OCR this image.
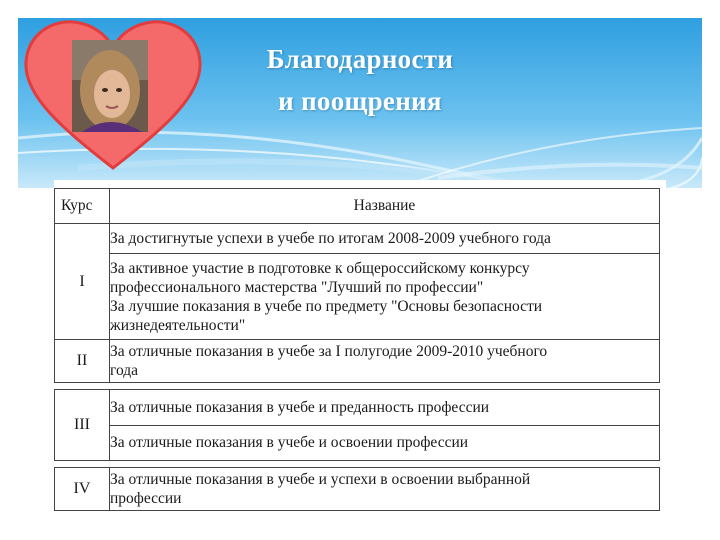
Благодарности
и поощрения
Курс	Название
I	За достигнутые успехи в учебе по итогам 2008-2009 учебного года

	За активное участие в подготовке к общероссийскому конкурсу
профессионального мастерства "Лучший по профессии"
За лучшие показания в учебе по предмету "Основы безопасности
жизнедеятельности"

II	За отличные показания в учебе за I полугодие 2009-2010 учебного
года

III	За отличные показания в учебе и преданность профессии

	За отличные показания в учебе и освоении профессии

IV	За отличные показания в учебе и успехи в освоении выбранной
профессии
